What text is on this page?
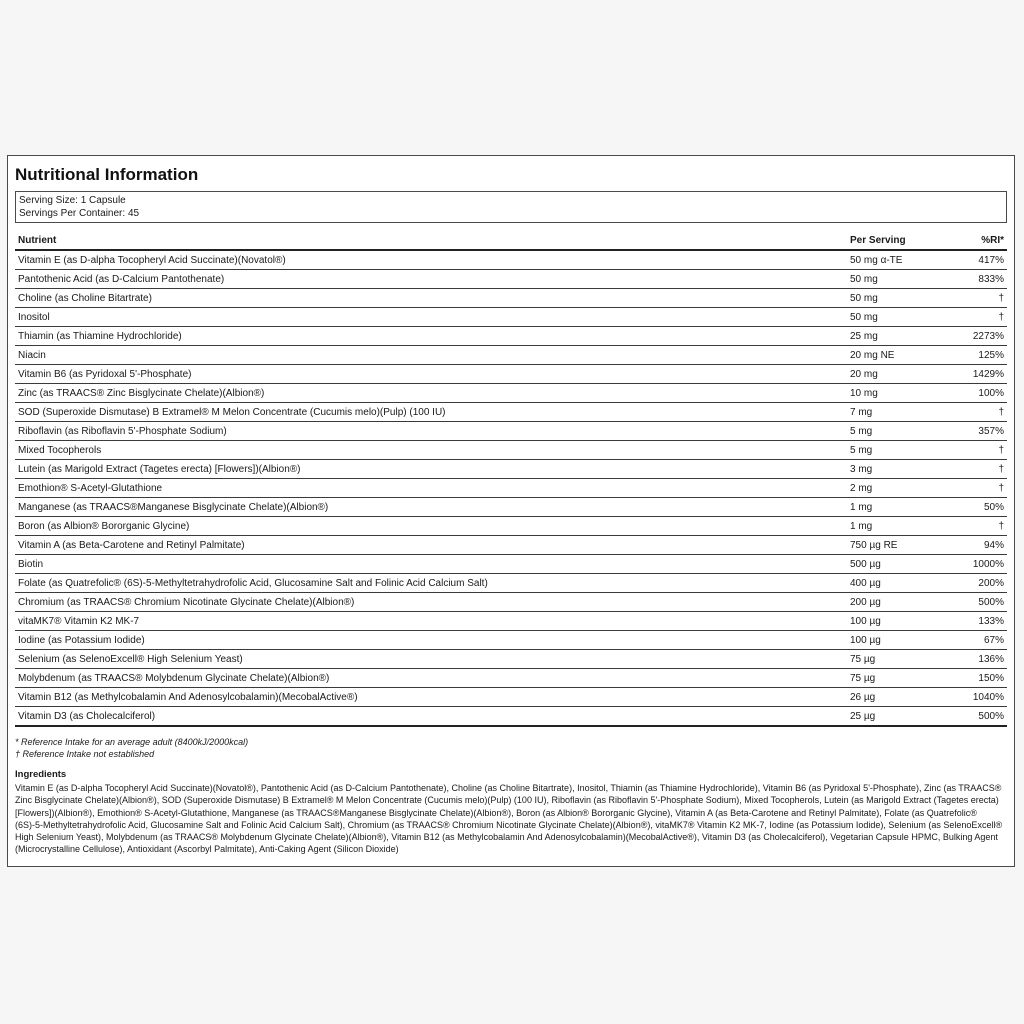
Nutritional Information
Serving Size: 1 Capsule
Servings Per Container: 45
Nutrient	Per Serving	%RI*
Vitamin E (as D-alpha Tocopheryl Acid Succinate)(Novatol®)	50 mg α-TE	417%
Pantothenic Acid (as D-Calcium Pantothenate)	50 mg	833%
Choline (as Choline Bitartrate)	50 mg	†
Inositol	50 mg	†
Thiamin (as Thiamine Hydrochloride)	25 mg	2273%
Niacin	20 mg NE	125%
Vitamin B6 (as Pyridoxal 5'-Phosphate)	20 mg	1429%
Zinc (as TRAACS® Zinc Bisglycinate Chelate)(Albion®)	10 mg	100%
SOD (Superoxide Dismutase) B Extramel® M Melon Concentrate (Cucumis melo)(Pulp) (100 IU)	7 mg	†
Riboflavin (as Riboflavin 5'-Phosphate Sodium)	5 mg	357%
Mixed Tocopherols	5 mg	†
Lutein (as Marigold Extract (Tagetes erecta) [Flowers])(Albion®)	3 mg	†
Emothion® S-Acetyl-Glutathione	2 mg	†
Manganese (as TRAACS®Manganese Bisglycinate Chelate)(Albion®)	1 mg	50%
Boron (as Albion® Bororganic Glycine)	1 mg	†
Vitamin A (as Beta-Carotene and Retinyl Palmitate)	750 µg RE	94%
Biotin	500 µg	1000%
Folate (as Quatrefolic® (6S)-5-Methyltetrahydrofolic Acid, Glucosamine Salt and Folinic Acid Calcium Salt)	400 µg	200%
Chromium (as TRAACS® Chromium Nicotinate Glycinate Chelate)(Albion®)	200 µg	500%
vitaMK7® Vitamin K2 MK-7	100 µg	133%
Iodine (as Potassium Iodide)	100 µg	67%
Selenium (as SelenoExcell® High Selenium Yeast)	75 µg	136%
Molybdenum (as TRAACS® Molybdenum Glycinate Chelate)(Albion®)	75 µg	150%
Vitamin B12 (as Methylcobalamin And Adenosylcobalamin)(MecobalActive®)	26 µg	1040%
Vitamin D3 (as Cholecalciferol)	25 µg	500%
* Reference Intake for an average adult (8400kJ/2000kcal)
† Reference Intake not established
Ingredients
Vitamin E (as D-alpha Tocopheryl Acid Succinate)(Novatol®), Pantothenic Acid (as D-Calcium Pantothenate), Choline (as Choline Bitartrate), Inositol, Thiamin (as Thiamine Hydrochloride), Vitamin B6 (as Pyridoxal 5'-Phosphate), Zinc (as TRAACS® Zinc Bisglycinate Chelate)(Albion®), SOD (Superoxide Dismutase) B Extramel® M Melon Concentrate (Cucumis melo)(Pulp) (100 IU), Riboflavin (as Riboflavin 5'-Phosphate Sodium), Mixed Tocopherols, Lutein (as Marigold Extract (Tagetes erecta) [Flowers])(Albion®), Emothion® S-Acetyl-Glutathione, Manganese (as TRAACS®Manganese Bisglycinate Chelate)(Albion®), Boron (as Albion® Bororganic Glycine), Vitamin A (as Beta-Carotene and Retinyl Palmitate), Folate (as Quatrefolic® (6S)-5-Methyltetrahydrofolic Acid, Glucosamine Salt and Folinic Acid Calcium Salt), Chromium (as TRAACS® Chromium Nicotinate Glycinate Chelate)(Albion®), vitaMK7® Vitamin K2 MK-7, Iodine (as Potassium Iodide), Selenium (as SelenoExcell® High Selenium Yeast), Molybdenum (as TRAACS® Molybdenum Glycinate Chelate)(Albion®), Vitamin B12 (as Methylcobalamin And Adenosylcobalamin)(MecobalActive®), Vitamin D3 (as Cholecalciferol), Vegetarian Capsule HPMC, Bulking Agent (Microcrystalline Cellulose), Antioxidant (Ascorbyl Palmitate), Anti-Caking Agent (Silicon Dioxide)
